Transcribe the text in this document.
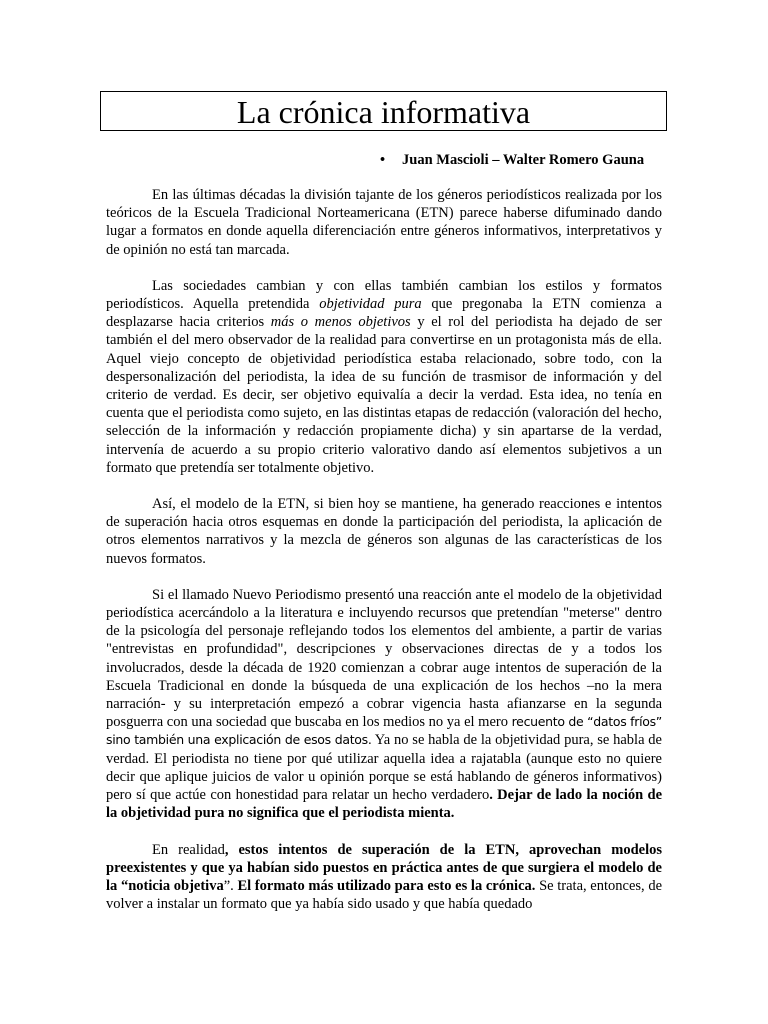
La crónica informativa
• Juan Mascioli – Walter Romero Gauna

En las últimas décadas la división tajante de los géneros periodísticos realizada por los teóricos de la Escuela Tradicional Norteamericana (ETN) parece haberse difuminado dando lugar a formatos en donde aquella diferenciación entre géneros informativos, interpretativos y de opinión no está tan marcada.

Las sociedades cambian y con ellas también cambian los estilos y formatos periodísticos. Aquella pretendida objetividad pura que pregonaba la ETN comienza a desplazarse hacia criterios más o menos objetivos y el rol del periodista ha dejado de ser también el del mero observador de la realidad para convertirse en un protagonista más de ella. Aquel viejo concepto de objetividad periodística estaba relacionado, sobre todo, con la despersonalización del periodista, la idea de su función de trasmisor de información y del criterio de verdad. Es decir, ser objetivo equivalía a decir la verdad. Esta idea, no tenía en cuenta que el periodista como sujeto, en las distintas etapas de redacción (valoración del hecho, selección de la información y redacción propiamente dicha) y sin apartarse de la verdad, intervenía de acuerdo a su propio criterio valorativo dando así elementos subjetivos a un formato que pretendía ser totalmente objetivo.

Así, el modelo de la ETN, si bien hoy se mantiene, ha generado reacciones e intentos de superación hacia otros esquemas en donde la participación del periodista, la aplicación de otros elementos narrativos y la mezcla de géneros son algunas de las características de los nuevos formatos.

Si el llamado Nuevo Periodismo presentó una reacción ante el modelo de la objetividad periodística acercándolo a la literatura e incluyendo recursos que pretendían "meterse" dentro de la psicología del personaje reflejando todos los elementos del ambiente, a partir de varias "entrevistas en profundidad", descripciones y observaciones directas de y a todos los involucrados, desde la década de 1920 comienzan a cobrar auge intentos de superación de la Escuela Tradicional en donde la búsqueda de una explicación de los hechos –no la mera narración- y su interpretación empezó a cobrar vigencia hasta afianzarse en la segunda posguerra con una sociedad que buscaba en los medios no ya el mero recuento de “datos fríos” sino también una explicación de esos datos. Ya no se habla de la objetividad pura, se habla de verdad. El periodista no tiene por qué utilizar aquella idea a rajatabla (aunque esto no quiere decir que aplique juicios de valor u opinión porque se está hablando de géneros informativos) pero sí que actúe con honestidad para relatar un hecho verdadero. Dejar de lado la noción de la objetividad pura no significa que el periodista mienta.

En realidad, estos intentos de superación de la ETN, aprovechan modelos preexistentes y que ya habían sido puestos en práctica antes de que surgiera el modelo de la “noticia objetiva”. El formato más utilizado para esto es la crónica. Se trata, entonces, de volver a instalar un formato que ya había sido usado y que había quedado
